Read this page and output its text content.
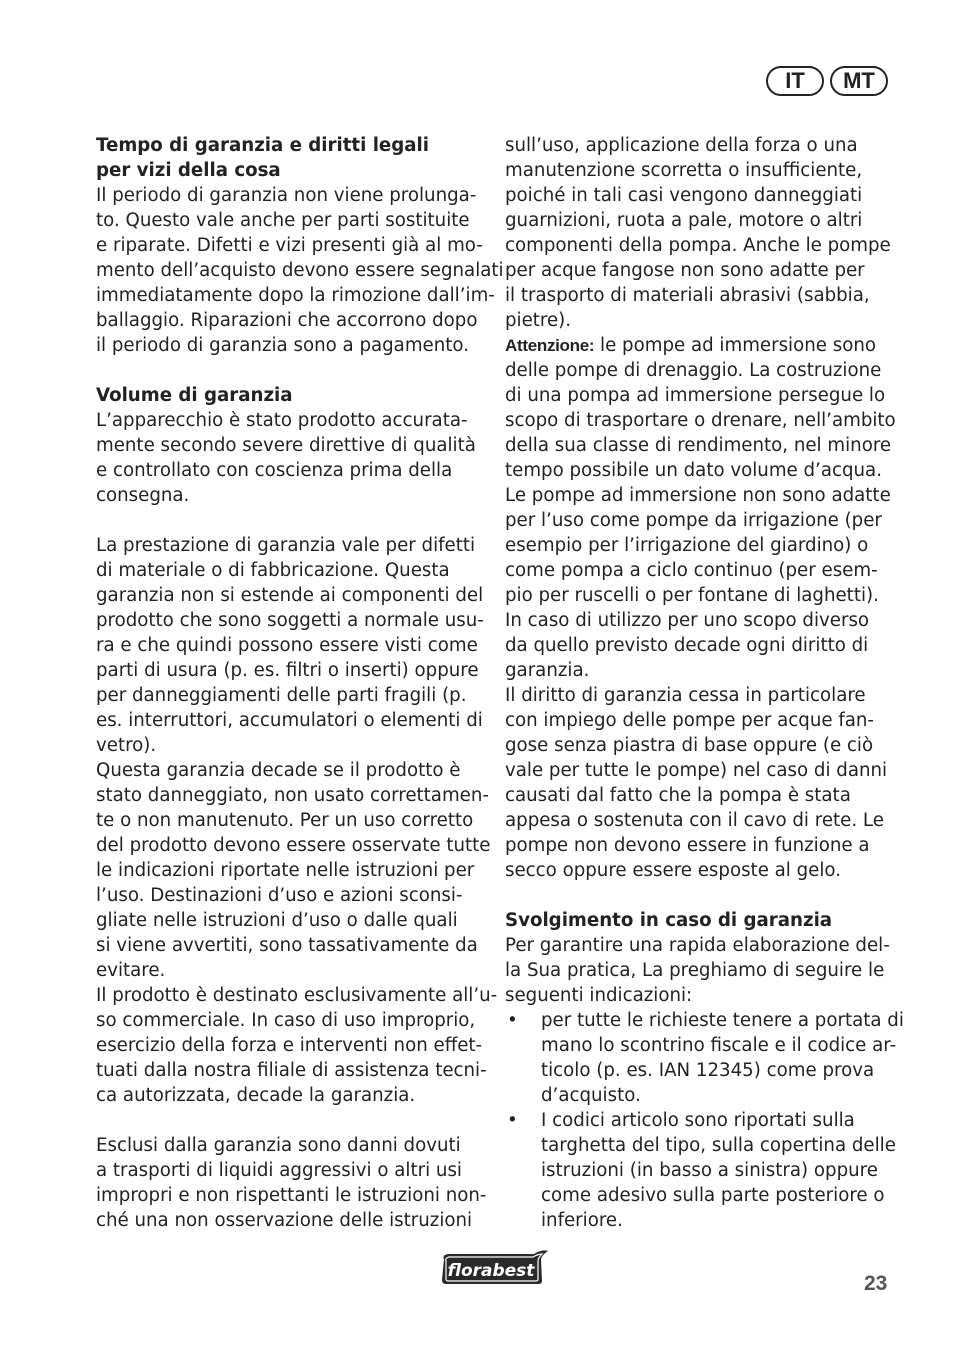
IT	MT
Tempo di garanzia e diritti legali
per vizi della cosa
Il periodo di garanzia non viene prolunga-
to. Questo vale anche per parti sostituite
e riparate. Difetti e vizi presenti già al mo-
mento dell’acquisto devono essere segnalati
immediatamente dopo la rimozione dall’im-
ballaggio. Riparazioni che accorrono dopo
il periodo di garanzia sono a pagamento.
Volume di garanzia
L’apparecchio è stato prodotto accurata-
mente secondo severe direttive di qualità
e controllato con coscienza prima della
consegna.
La prestazione di garanzia vale per difetti
di materiale o di fabbricazione. Questa
garanzia non si estende ai componenti del
prodotto che sono soggetti a normale usu-
ra e che quindi possono essere visti come
parti di usura (p. es. filtri o inserti) oppure
per danneggiamenti delle parti fragili (p.
es. interruttori, accumulatori o elementi di
vetro).
Questa garanzia decade se il prodotto è
stato danneggiato, non usato correttamen-
te o non manutenuto. Per un uso corretto
del prodotto devono essere osservate tutte
le indicazioni riportate nelle istruzioni per
l’uso. Destinazioni d’uso e azioni sconsi-
gliate nelle istruzioni d’uso o dalle quali
si viene avvertiti, sono tassativamente da
evitare.
Il prodotto è destinato esclusivamente all’u-
so commerciale. In caso di uso improprio,
esercizio della forza e interventi non effet-
tuati dalla nostra filiale di assistenza tecni-
ca autorizzata, decade la garanzia.
Esclusi dalla garanzia sono danni dovuti
a trasporti di liquidi aggressivi o altri usi
impropri e non rispettanti le istruzioni non-
ché una non osservazione delle istruzioni
sull’uso, applicazione della forza o una
manutenzione scorretta o insufficiente,
poiché in tali casi vengono danneggiati
guarnizioni, ruota a pale, motore o altri
componenti della pompa. Anche le pompe
per acque fangose non sono adatte per
il trasporto di materiali abrasivi (sabbia,
pietre).
Attenzione: le pompe ad immersione sono
delle pompe di drenaggio. La costruzione
di una pompa ad immersione persegue lo
scopo di trasportare o drenare, nell’ambito
della sua classe di rendimento, nel minore
tempo possibile un dato volume d’acqua.
Le pompe ad immersione non sono adatte
per l’uso come pompe da irrigazione (per
esempio per l’irrigazione del giardino) o
come pompa a ciclo continuo (per esem-
pio per ruscelli o per fontane di laghetti).
In caso di utilizzo per uno scopo diverso
da quello previsto decade ogni diritto di
garanzia.
Il diritto di garanzia cessa in particolare
con impiego delle pompe per acque fan-
gose senza piastra di base oppure (e ciò
vale per tutte le pompe) nel caso di danni
causati dal fatto che la pompa è stata
appesa o sostenuta con il cavo di rete. Le
pompe non devono essere in funzione a
secco oppure essere esposte al gelo.
Svolgimento in caso di garanzia
Per garantire una rapida elaborazione del-
la Sua pratica, La preghiamo di seguire le
seguenti indicazioni:
• per tutte le richieste tenere a portata di
mano lo scontrino fiscale e il codice ar-
ticolo (p. es. IAN 12345) come prova
d’acquisto.
• I codici articolo sono riportati sulla
targhetta del tipo, sulla copertina delle
istruzioni (in basso a sinistra) oppure
come adesivo sulla parte posteriore o
inferiore.
florabest
23
